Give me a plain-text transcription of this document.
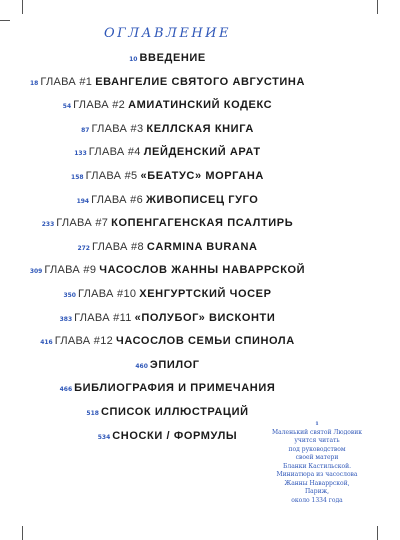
ОГЛАВЛЕНИЕ
10 ВВЕДЕНИЕ
18 ГЛАВА #1 ЕВАНГЕЛИЕ СВЯТОГО АВГУСТИНА
54 ГЛАВА #2 АМИАТИНСКИЙ КОДЕКС
87 ГЛАВА #3 КЕЛЛСКАЯ КНИГА
133 ГЛАВА #4 ЛЕЙДЕНСКИЙ АРАТ
158 ГЛАВА #5 «БЕАТУС» МОРГАНА
194 ГЛАВА #6 ЖИВОПИСЕЦ ГУГО
233 ГЛАВА #7 КОПЕНГАГЕНСКАЯ ПСАЛТИРЬ
272 ГЛАВА #8 CARMINA BURANA
309 ГЛАВА #9 ЧАСОСЛОВ ЖАННЫ НАВАРРСКОЙ
350 ГЛАВА #10 ХЕНГУРТСКИЙ ЧОСЕР
383 ГЛАВА #11 «ПОЛУБОГ» ВИСКОНТИ
416 ГЛАВА #12 ЧАСОСЛОВ СЕМЬИ СПИНОЛА
460 ЭПИЛОГ
466 БИБЛИОГРАФИЯ И ПРИМЕЧАНИЯ
518 СПИСОК ИЛЛЮСТРАЦИЙ
534 СНОСКИ / ФОРМУЛЫ
1
Маленький святой Людовик
учится читать
под руководством
своей матери
Бланки Кастильской.
Миниатюра из часослова
Жанны Наваррской,
Париж,
около 1334 года
